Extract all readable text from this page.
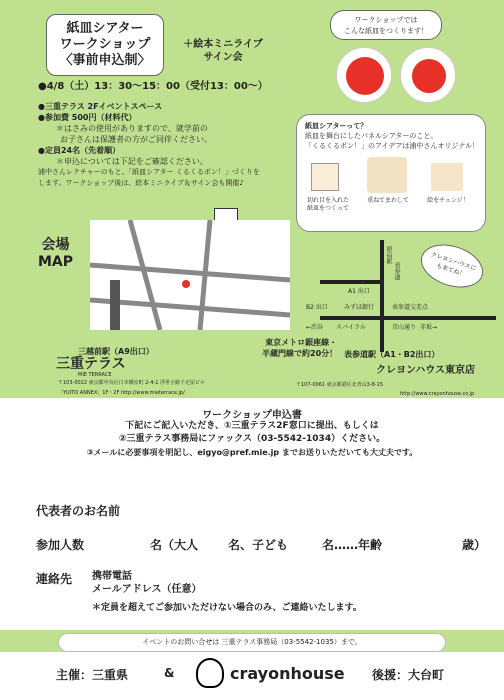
紙皿シアター
ワークショップ
〈事前申込制〉
＋絵本ミニライブ
サイン会
●4/8（土）13：30〜15：00（受付13：00〜）
●三重テラス 2Fイベントスペース
●参加費 500円（材料代）
＊はさみの使用がありますので、就学前の
お子さんは保護者の方がご同伴ください。
●定員24名（先着順）
＊申込については下記をご確認ください。
浦中さんレクチャーのもと、「紙皿シアター くるくるポン！」づくりを
します。ワークショップ後は、絵本ミニライブ＆サイン会も開催♪
ワークショップでは
こんな紙皿をつくります！
紙皿シアターって？
紙皿を舞台にしたパネルシアターのこと。
「くるくるポン！」のアイデアは浦中さんオリジナル！
切れ目を入れた紙皿をつくって
重ねてまわして	絵をチェンジ！
会場
MAP
東京メトロ銀座線・
半蔵門線で約20分！
三越前駅（A9出口）
三重テラス
MIE TERRACE
〒103-0022 東京都中央区日本橋室町 2-4-1 浮世小路千疋屋ビル
「YUITO ANNEX」1F・2F http://www.mieterrace.jp/
原宿駅
表参道
A1 出口
B2 出口	みずほ銀行	表参道交差点
←渋谷 スパイラル	青山通り 赤坂→
クレヨンハウスにも来てね！
表参道駅（A1・B2出口）
クレヨンハウス東京店
〒107-0061 東京都港区北青山3-8-15
http://www.crayonhouse.co.jp
ワークショップ申込書
下記にご記入いただき、①三重テラス2F窓口に提出、もしくは
②三重テラス事務局にファックス（03-5542-1034）ください。
③メールに必要事項を明記し、eigyo@pref.mie.jp までお送りいただいても大丈夫です。
代表者のお名前
参加人数	名（大人 名、子ども	名……年齢	歳）
連絡先 携帯電話
メールアドレス（任意）
＊定員を超えてご参加いただけない場合のみ、ご連絡いたします。
イベントのお問い合せは 三重テラス事務局（03-5542-1035）まで。
主催：三重県	&	crayonhouse 後援：大台町
